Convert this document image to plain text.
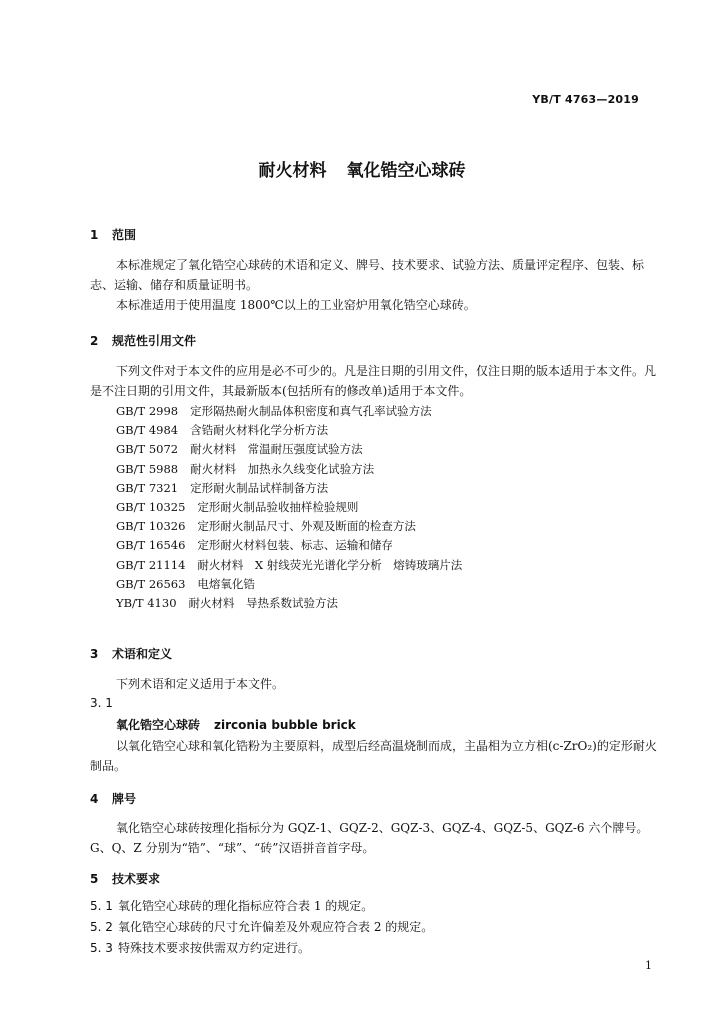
YB/T 4763—2019
耐火材料 氧化锆空心球砖
1 范围

本标准规定了氧化锆空心球砖的术语和定义、牌号、技术要求、试验方法、质量评定程序、包装、标志、运输、储存和质量证明书。

本标准适用于使用温度 1800℃以上的工业窑炉用氧化锆空心球砖。

2 规范性引用文件

下列文件对于本文件的应用是必不可少的。凡是注日期的引用文件，仅注日期的版本适用于本文件。凡是不注日期的引用文件，其最新版本(包括所有的修改单)适用于本文件。

GB/T 2998 定形隔热耐火制品体积密度和真气孔率试验方法
GB/T 4984 含锆耐火材料化学分析方法
GB/T 5072 耐火材料　常温耐压强度试验方法
GB/T 5988 耐火材料　加热永久线变化试验方法
GB/T 7321 定形耐火制品试样制备方法
GB/T 10325 定形耐火制品验收抽样检验规则
GB/T 10326 定形耐火制品尺寸、外观及断面的检查方法
GB/T 16546 定形耐火材料包装、标志、运输和储存
GB/T 21114 耐火材料　X 射线荧光光谱化学分析　熔铸玻璃片法
GB/T 26563 电熔氧化锆
YB/T 4130 耐火材料　导热系数试验方法
3 术语和定义

下列术语和定义适用于本文件。

3. 1
氧化锆空心球砖 zirconia bubble brick

以氧化锆空心球和氧化锆粉为主要原料，成型后经高温烧制而成，主晶相为立方相(c-ZrO₂)的定形耐火制品。

4 牌号

氧化锆空心球砖按理化指标分为 GQZ-1、GQZ-2、GQZ-3、GQZ-4、GQZ-5、GQZ-6 六个牌号。G、Q、Z 分别为“锆”、“球”、“砖”汉语拼音首字母。

5 技术要求
5. 1 氧化锆空心球砖的理化指标应符合表 1 的规定。
5. 2 氧化锆空心球砖的尺寸允许偏差及外观应符合表 2 的规定。
5. 3 特殊技术要求按供需双方约定进行。
1
